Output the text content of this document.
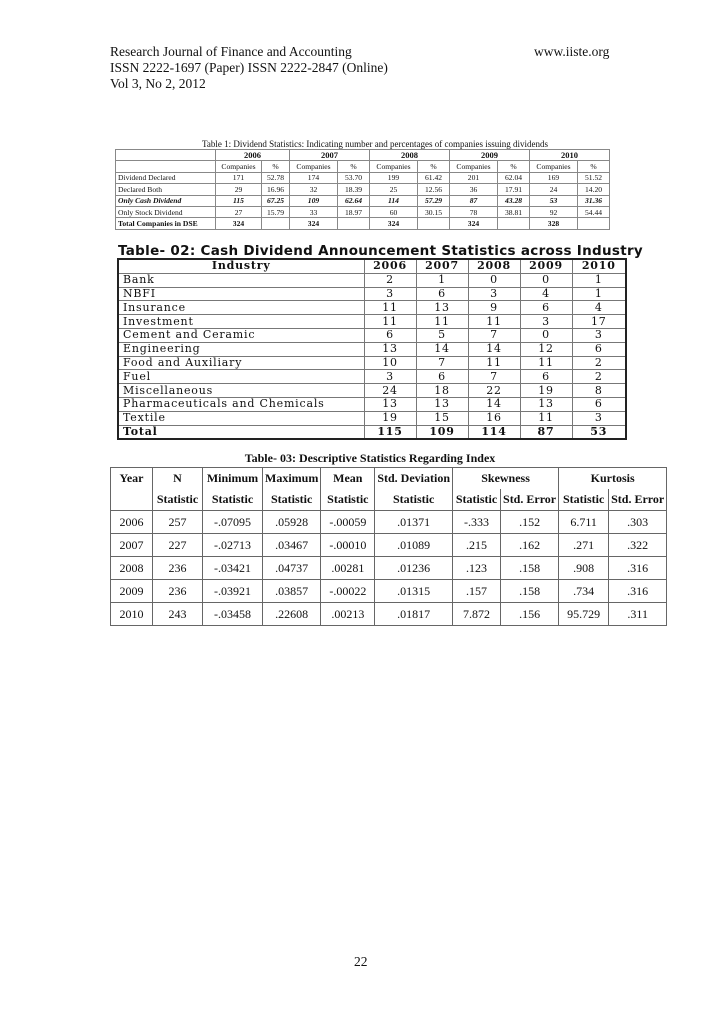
Research Journal of Finance and Accounting
ISSN 2222-1697 (Paper) ISSN 2222-2847 (Online)
Vol 3, No 2, 2012
www.iiste.org
Table 1: Dividend Statistics: Indicating number and percentages of companies issuing dividends
	2006		2007		2008		2009		2010	
	Companies	%	Companies	%	Companies	%	Companies	%	Companies	%
Dividend Declared	171	52.78	174	53.70	199	61.42	201	62.04	169	51.52
Declared Both	29	16.96	32	18.39	25	12.56	36	17.91	24	14.20
Only Cash Dividend	115	67.25	109	62.64	114	57.29	87	43.28	53	31.36
Only Stock Dividend	27	15.79	33	18.97	60	30.15	78	38.81	92	54.44
Total Companies in DSE	324		324		324		324		328	
Table- 02: Cash Dividend Announcement Statistics across Industry
Industry	2006	2007	2008	2009	2010
Bank	2	1	0	0	1
NBFI	3	6	3	4	1
Insurance	11	13	9	6	4
Investment	11	11	11	3	17
Cement and Ceramic	6	5	7	0	3
Engineering	13	14	14	12	6
Food and Auxiliary	10	7	11	11	2
Fuel	3	6	7	6	2
Miscellaneous	24	18	22	19	8
Pharmaceuticals and Chemicals	13	13	14	13	6
Textile	19	15	16	11	3
Total	115	109	114	87	53
Table- 03: Descriptive Statistics Regarding Index
Year	N	Minimum	Maximum	Mean	Std. Deviation	Skewness		Kurtosis	
	Statistic	Statistic	Statistic	Statistic	Statistic	Statistic	Std. Error	Statistic	Std. Error
2006	257	-.07095	.05928	-.00059	.01371	-.333	.152	6.711	.303
2007	227	-.02713	.03467	-.00010	.01089	.215	.162	.271	.322
2008	236	-.03421	.04737	.00281	.01236	.123	.158	.908	.316
2009	236	-.03921	.03857	-.00022	.01315	.157	.158	.734	.316
2010	243	-.03458	.22608	.00213	.01817	7.872	.156	95.729	.311
22
